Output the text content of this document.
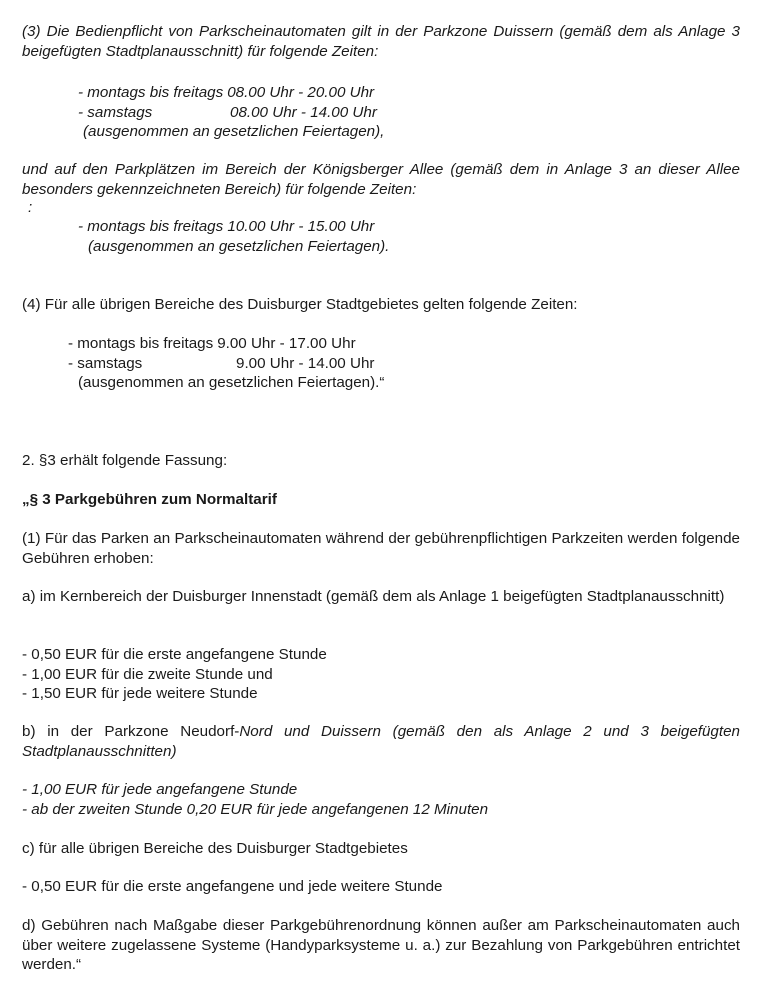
(3) Die Bedienpflicht von Parkscheinautomaten gilt in der Parkzone Duissern (gemäß dem als Anlage 3 beigefügten Stadtplanausschnitt) für folgende Zeiten:
- montags bis freitags 08.00 Uhr - 20.00 Uhr
- samstags	08.00 Uhr - 14.00 Uhr
(ausgenommen an gesetzlichen Feiertagen),
und auf den Parkplätzen im Bereich der Königsberger Allee (gemäß dem in Anlage 3 an dieser Allee besonders gekennzeichneten Bereich) für folgende Zeiten:
:
- montags bis freitags 10.00 Uhr - 15.00 Uhr
(ausgenommen an gesetzlichen Feiertagen).
(4) Für alle übrigen Bereiche des Duisburger Stadtgebietes gelten folgende Zeiten:
- montags bis freitags 9.00 Uhr - 17.00 Uhr
- samstags	9.00 Uhr - 14.00 Uhr
(ausgenommen an gesetzlichen Feiertagen).“
2. §3 erhält folgende Fassung:
„§ 3 Parkgebühren zum Normaltarif
(1) Für das Parken an Parkscheinautomaten während der gebührenpflichtigen Parkzeiten werden folgende Gebühren erhoben:
a) im Kernbereich der Duisburger Innenstadt (gemäß dem als Anlage 1 beigefügten Stadtplanausschnitt)
- 0,50 EUR für die erste angefangene Stunde
- 1,00 EUR für die zweite Stunde und
- 1,50 EUR für jede weitere Stunde
b) in der Parkzone Neudorf-Nord und Duissern (gemäß den als Anlage 2 und 3 beigefügten Stadtplanausschnitten)
- 1,00 EUR für jede angefangene Stunde
- ab der zweiten Stunde 0,20 EUR für jede angefangenen 12 Minuten
c) für alle übrigen Bereiche des Duisburger Stadtgebietes
- 0,50 EUR für die erste angefangene und jede weitere Stunde
d) Gebühren nach Maßgabe dieser Parkgebührenordnung können außer am Parkscheinautomaten auch über weitere zugelassene Systeme (Handyparksysteme u. a.) zur Bezahlung von Parkgebühren entrichtet werden.“
